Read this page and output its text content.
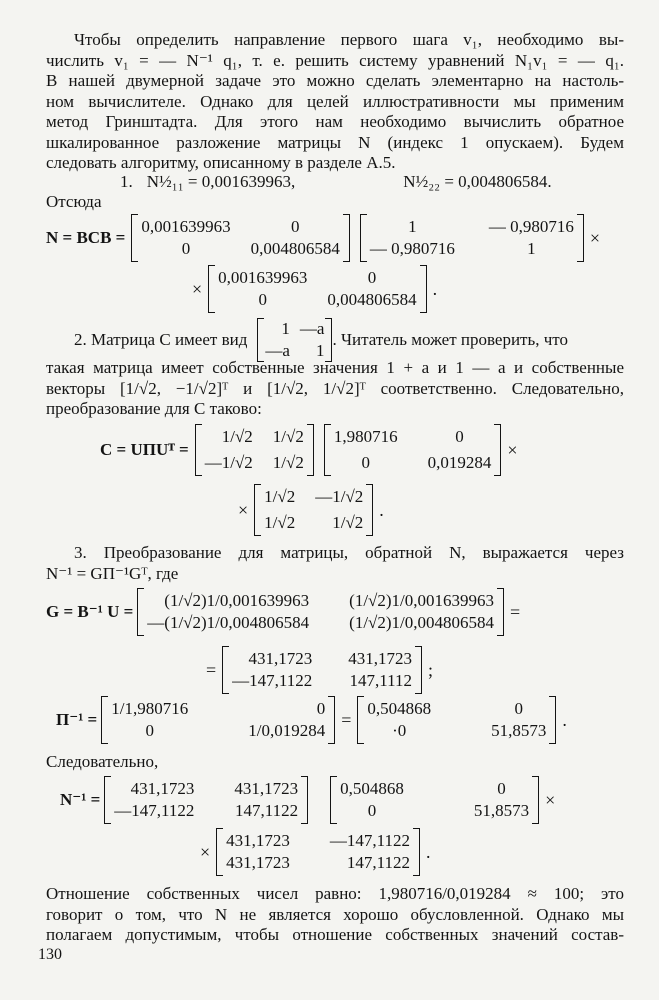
Чтобы определить направление первого шага v₁, необходимо вы-
числить v₁ = — N⁻¹ q₁, т. е. решить систему уравнений N₁v₁ = — q₁.
В нашей двумерной задаче это можно сделать элементарно на настоль-
ном вычислителе. Однако для целей иллюстративности мы применим
метод Гринштадта. Для этого нам необходимо вычислить обратное
шкалированное разложение матрицы N (индекс 1 опускаем). Будем
следовать алгоритму, описанному в разделе А.5.
1. N½₁₁ = 0,001639963,	N½₂₂ = 0,004806584.
Отсюда
N = BCB =
0,001639963	0
0	0,004806584
1	— 0,980716
— 0,980716	1
×
×
0,001639963	0
0	0,004806584
.
2. Матрица C имеет вид
1 —a
—a	1
. Читатель может проверить, что
такая матрица имеет собственные значения 1 + a и 1 — a и собственные
векторы [1/√2, −1/√2]ᵀ и [1/√2, 1/√2]ᵀ соответственно. Следовательно,
преобразование для C таково:
C = UΠUᵀ =
1/√2 1/√2
—1/√2 1/√2
1,980716	0
0	0,019284
×
×
1/√2 —1/√2
1/√2	1/√2
.
3. Преобразование для матрицы, обратной N, выражается через
N⁻¹ = GΠ⁻¹Gᵀ, где
G = B⁻¹ U =
(1/√2)1/0,001639963 (1/√2)1/0,001639963
—(1/√2)1/0,004806584 (1/√2)1/0,004806584
=
=
431,1723 431,1723
—147,1122 147,1112
;
Π⁻¹ =
1/1,980716	0
0	1/0,019284
=
0,504868	0
·0	51,8573
.
Следовательно,
N⁻¹ =
431,1723 431,1723
—147,1122 147,1122
0,504868	0
0	51,8573
×
×
431,1723 —147,1122
431,1723	147,1122
.
Отношение собственных чисел равно: 1,980716/0,019284 ≈ 100; это
говорит о том, что N не является хорошо обусловленной. Однако мы
полагаем допустимым, чтобы отношение собственных значений состав-
130
